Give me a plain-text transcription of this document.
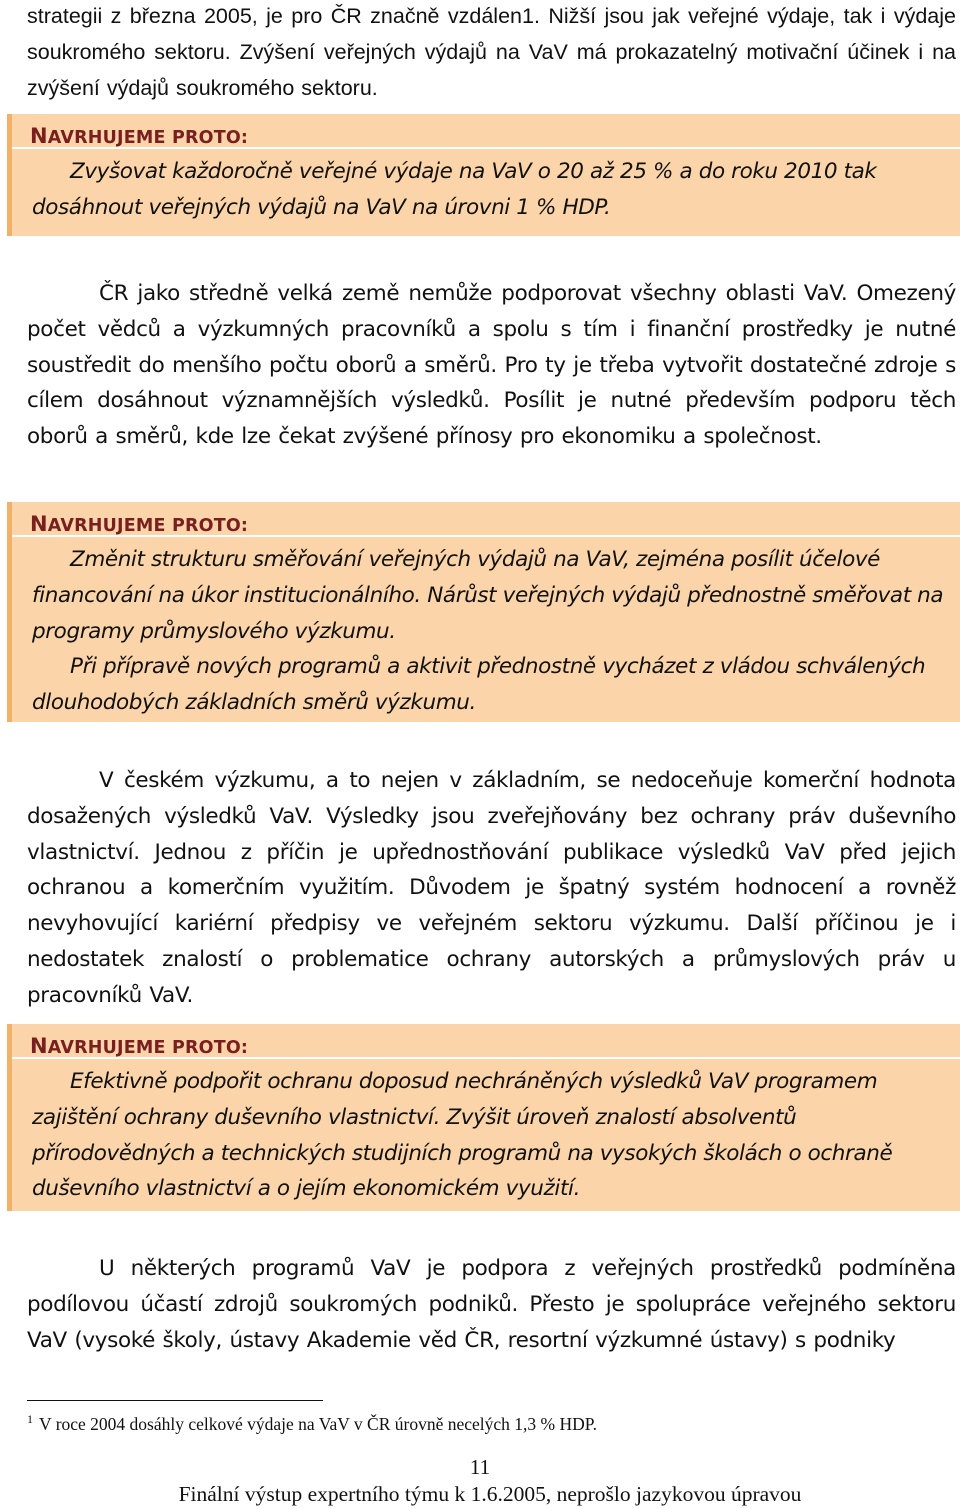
strategii z března 2005, je pro ČR značně vzdálen1. Nižší jsou jak veřejné výdaje, tak i výdaje soukromého sektoru. Zvýšení veřejných výdajů na VaV má prokazatelný motivační účinek i na zvýšení výdajů soukromého sektoru.

NAVRHUJEME PROTO:

Zvyšovat každoročně veřejné výdaje na VaV o 20 až 25 % a do roku 2010 tak dosáhnout veřejných výdajů na VaV na úrovni 1 % HDP.

ČR jako středně velká země nemůže podporovat všechny oblasti VaV. Omezený počet vědců a výzkumných pracovníků a spolu s tím i finanční prostředky je nutné soustředit do menšího počtu oborů a směrů. Pro ty je třeba vytvořit dostatečné zdroje s cílem dosáhnout významnějších výsledků. Posílit je nutné především podporu těch oborů a směrů, kde lze čekat zvýšené přínosy pro ekonomiku a společnost.

NAVRHUJEME PROTO:

Změnit strukturu směřování veřejných výdajů na VaV, zejména posílit účelové financování na úkor institucionálního. Nárůst veřejných výdajů přednostně směřovat na programy průmyslového výzkumu.

Při přípravě nových programů a aktivit přednostně vycházet z vládou schválených dlouhodobých základních směrů výzkumu.

V českém výzkumu, a to nejen v základním, se nedoceňuje komerční hodnota dosažených výsledků VaV. Výsledky jsou zveřejňovány bez ochrany práv duševního vlastnictví. Jednou z příčin je upřednostňování publikace výsledků VaV před jejich ochranou a komerčním využitím. Důvodem je špatný systém hodnocení a rovněž nevyhovující kariérní předpisy ve veřejném sektoru výzkumu. Další příčinou je i nedostatek znalostí o problematice ochrany autorských a průmyslových práv u pracovníků VaV.

NAVRHUJEME PROTO:

Efektivně podpořit ochranu doposud nechráněných výsledků VaV programem zajištění ochrany duševního vlastnictví. Zvýšit úroveň znalostí absolventů přírodovědných a technických studijních programů na vysokých školách o ochraně duševního vlastnictví a o jejím ekonomickém využití.

U některých programů VaV je podpora z veřejných prostředků podmíněna podílovou účastí zdrojů soukromých podniků. Přesto je spolupráce veřejného sektoru VaV (vysoké školy, ústavy Akademie věd ČR, resortní výzkumné ústavy) s podniky

$^1$ V roce 2004 dosáhly celkové výdaje na VaV v ČR úrovně necelých 1,3 % HDP.
11
Finální výstup expertního týmu k 1.6.2005, neprošlo jazykovou úpravou
